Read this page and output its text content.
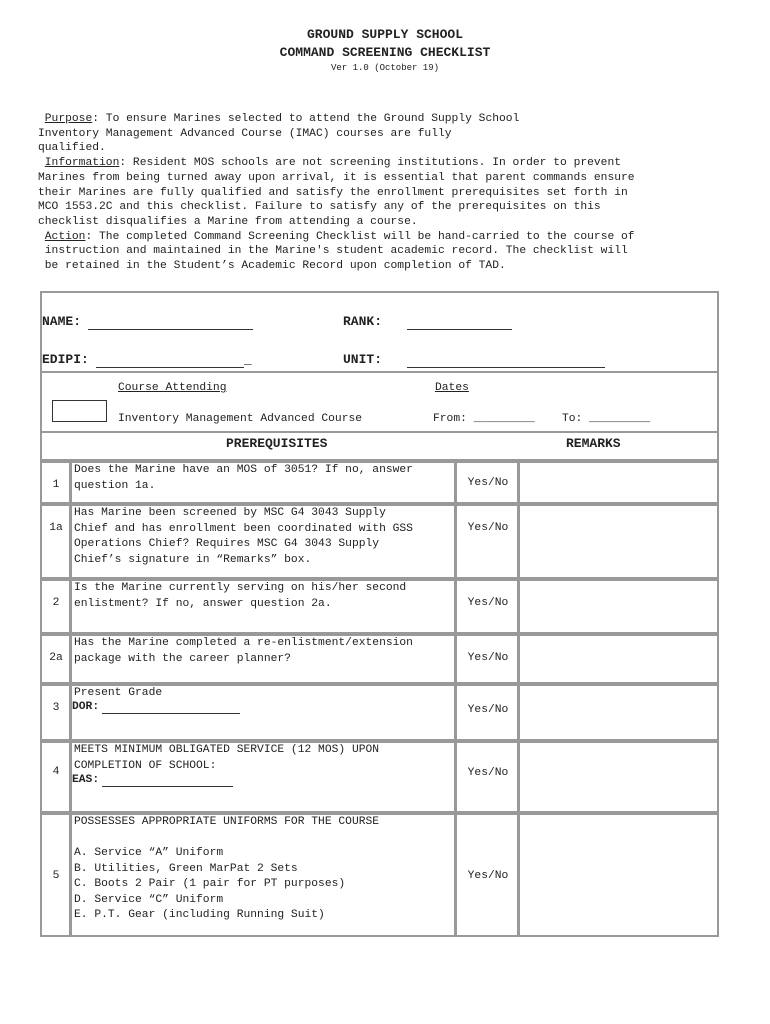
GROUND SUPPLY SCHOOL
COMMAND SCREENING CHECKLIST
Ver 1.0 (October 19)
Purpose: To ensure Marines selected to attend the Ground Supply School
Inventory Management Advanced Course (IMAC) courses are fully
qualified.
Information: Resident MOS schools are not screening institutions. In order to prevent
Marines from being turned away upon arrival, it is essential that parent commands ensure
their Marines are fully qualified and satisfy the enrollment prerequisites set forth in
MCO 1553.2C and this checklist. Failure to satisfy any of the prerequisites on this
checklist disqualifies a Marine from attending a course.
Action: The completed Command Screening Checklist will be hand-carried to the course of
instruction and maintained in the Marine's student academic record. The checklist will
be retained in the Student’s Academic Record upon completion of TAD.
NAME:	RANK:
EDIPI:	_	UNIT:
Course Attending	Dates
Inventory Management Advanced Course	From: _________ To: _________
PREREQUISITES	REMARKS
1
Does the Marine have an MOS of 3051? If no, answer
question 1a.	Yes/No
1a
Has Marine been screened by MSC G4 3043 Supply
Chief and has enrollment been coordinated with GSS
Operations Chief? Requires MSC G4 3043 Supply
Chief’s signature in “Remarks” box.
Yes/No
2
Is the Marine currently serving on his/her second
enlistment? If no, answer question 2a.	Yes/No
2a
Has the Marine completed a re-enlistment/extension
package with the career planner?	Yes/No
3
Present Grade
DOR:	Yes/No
4
MEETS MINIMUM OBLIGATED SERVICE (12 MOS) UPON
COMPLETION OF SCHOOL:
EAS:
Yes/No
5
POSSESSES APPROPRIATE UNIFORMS FOR THE COURSE

A. Service “A” Uniform
B. Utilities, Green MarPat 2 Sets
C. Boots 2 Pair (1 pair for PT purposes)
D. Service “C” Uniform
E. P.T. Gear (including Running Suit)
Yes/No
